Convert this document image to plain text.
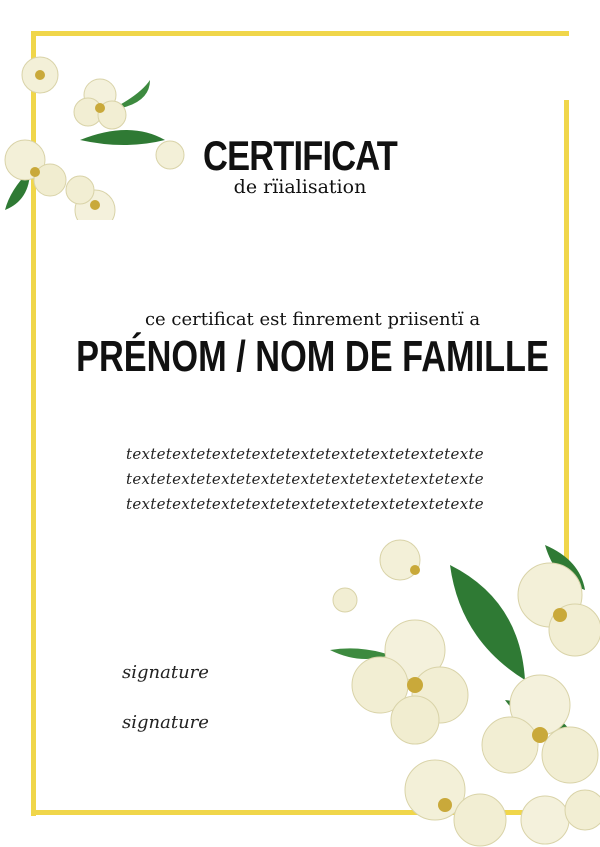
CERTIFICAT
de rïialisation
ce certificat est finrement priisentï a
PRÉNOM / NOM DE FAMILLE
textetextetextetextetextetextetextetextetexte
textetextetextetextetextetextetextetextetexte
textetextetextetextetextetextetextetextetexte
signature
signature
